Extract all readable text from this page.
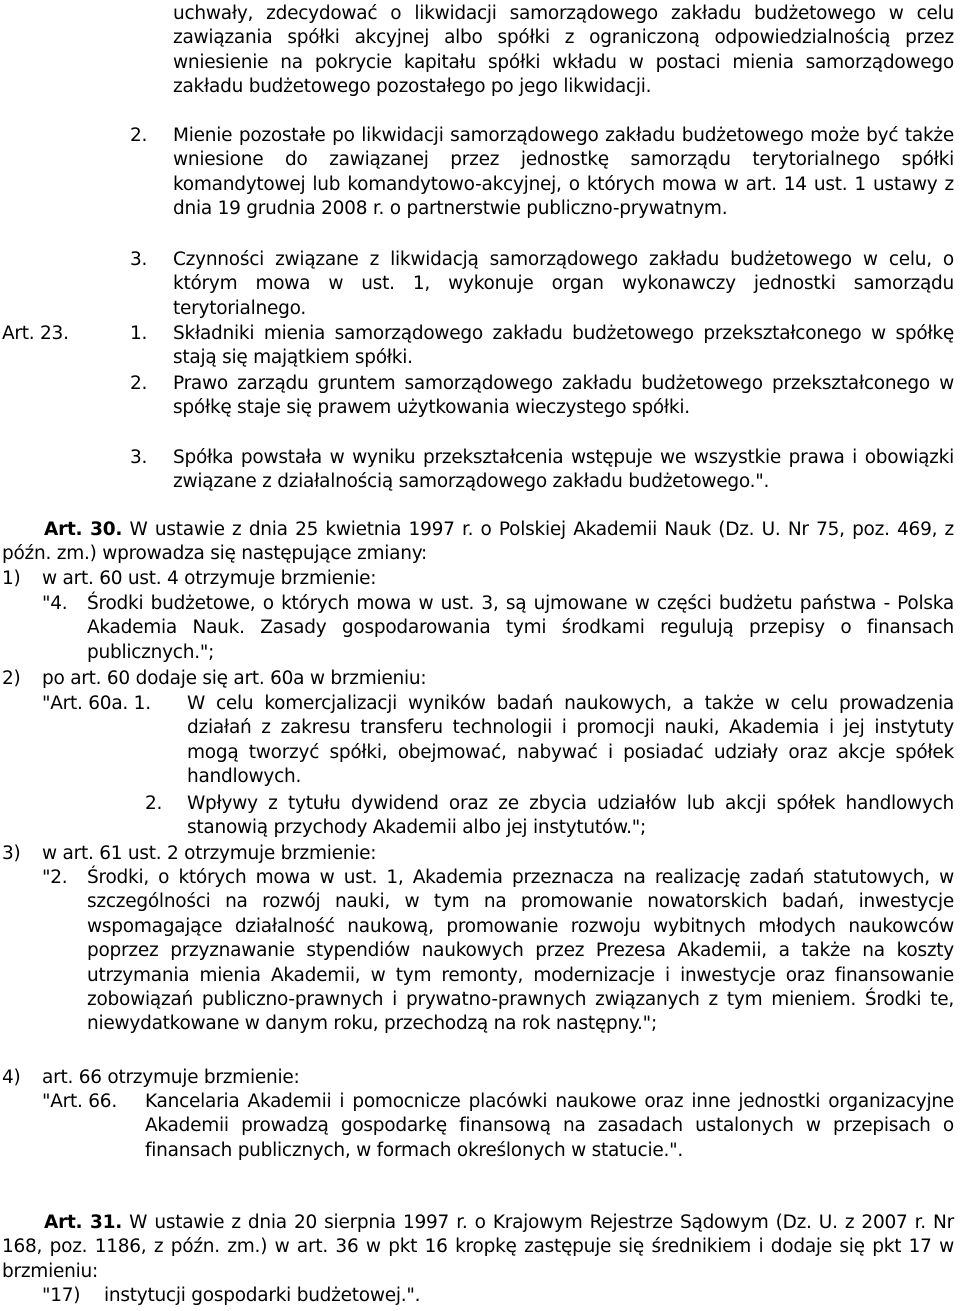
uchwały, zdecydować o likwidacji samorządowego zakładu budżetowego w celu zawiązania spółki akcyjnej albo spółki z ograniczoną odpowiedzialnością przez wniesienie na pokrycie kapitału spółki wkładu w postaci mienia samorządowego zakładu budżetowego pozostałego po jego likwidacji.

2. Mienie pozostałe po likwidacji samorządowego zakładu budżetowego może być także wniesione do zawiązanej przez jednostkę samorządu terytorialnego spółki komandytowej lub komandytowo-akcyjnej, o których mowa w art. 14 ust. 1 ustawy z dnia 19 grudnia 2008 r. o partnerstwie publiczno-prywatnym.

3. Czynności związane z likwidacją samorządowego zakładu budżetowego w celu, o którym mowa w ust. 1, wykonuje organ wykonawczy jednostki samorządu terytorialnego.

Art. 23.	1. Składniki mienia samorządowego zakładu budżetowego przekształconego w spółkę stają się majątkiem spółki.

2. Prawo zarządu gruntem samorządowego zakładu budżetowego przekształconego w spółkę staje się prawem użytkowania wieczystego spółki.

3. Spółka powstała w wyniku przekształcenia wstępuje we wszystkie prawa i obowiązki związane z działalnością samorządowego zakładu budżetowego.".

Art. 30. W ustawie z dnia 25 kwietnia 1997 r. o Polskiej Akademii Nauk (Dz. U. Nr 75, poz. 469, z późn. zm.) wprowadza się następujące zmiany:

1) w art. 60 ust. 4 otrzymuje brzmienie:
"4. Środki budżetowe, o których mowa w ust. 3, są ujmowane w części budżetu państwa - Polska Akademia Nauk. Zasady gospodarowania tymi środkami regulują przepisy o finansach publicznych.";

2) po art. 60 dodaje się art. 60a w brzmieniu:
"Art. 60a. 1. W celu komercjalizacji wyników badań naukowych, a także w celu prowadzenia działań z zakresu transferu technologii i promocji nauki, Akademia i jej instytuty mogą tworzyć spółki, obejmować, nabywać i posiadać udziały oraz akcje spółek handlowych.

2. Wpływy z tytułu dywidend oraz ze zbycia udziałów lub akcji spółek handlowych stanowią przychody Akademii albo jej instytutów.";

3) w art. 61 ust. 2 otrzymuje brzmienie:

"2. Środki, o których mowa w ust. 1, Akademia przeznacza na realizację zadań statutowych, w szczególności na rozwój nauki, w tym na promowanie nowatorskich badań, inwestycje wspomagające działalność naukową, promowanie rozwoju wybitnych młodych naukowców poprzez przyznawanie stypendiów naukowych przez Prezesa Akademii, a także na koszty utrzymania mienia Akademii, w tym remonty, modernizacje i inwestycje oraz finansowanie zobowiązań publiczno-prawnych i prywatno-prawnych związanych z tym mieniem. Środki te, niewydatkowane w danym roku, przechodzą na rok następny.";

4) art. 66 otrzymuje brzmienie:
"Art. 66. Kancelaria Akademii i pomocnicze placówki naukowe oraz inne jednostki organizacyjne Akademii prowadzą gospodarkę finansową na zasadach ustalonych w przepisach o finansach publicznych, w formach określonych w statucie.".

Art. 31. W ustawie z dnia 20 sierpnia 1997 r. o Krajowym Rejestrze Sądowym (Dz. U. z 2007 r. Nr 168, poz. 1186, z późn. zm.) w art. 36 w pkt 16 kropkę zastępuje się średnikiem i dodaje się pkt 17 w brzmieniu:

"17) instytucji gospodarki budżetowej.".
